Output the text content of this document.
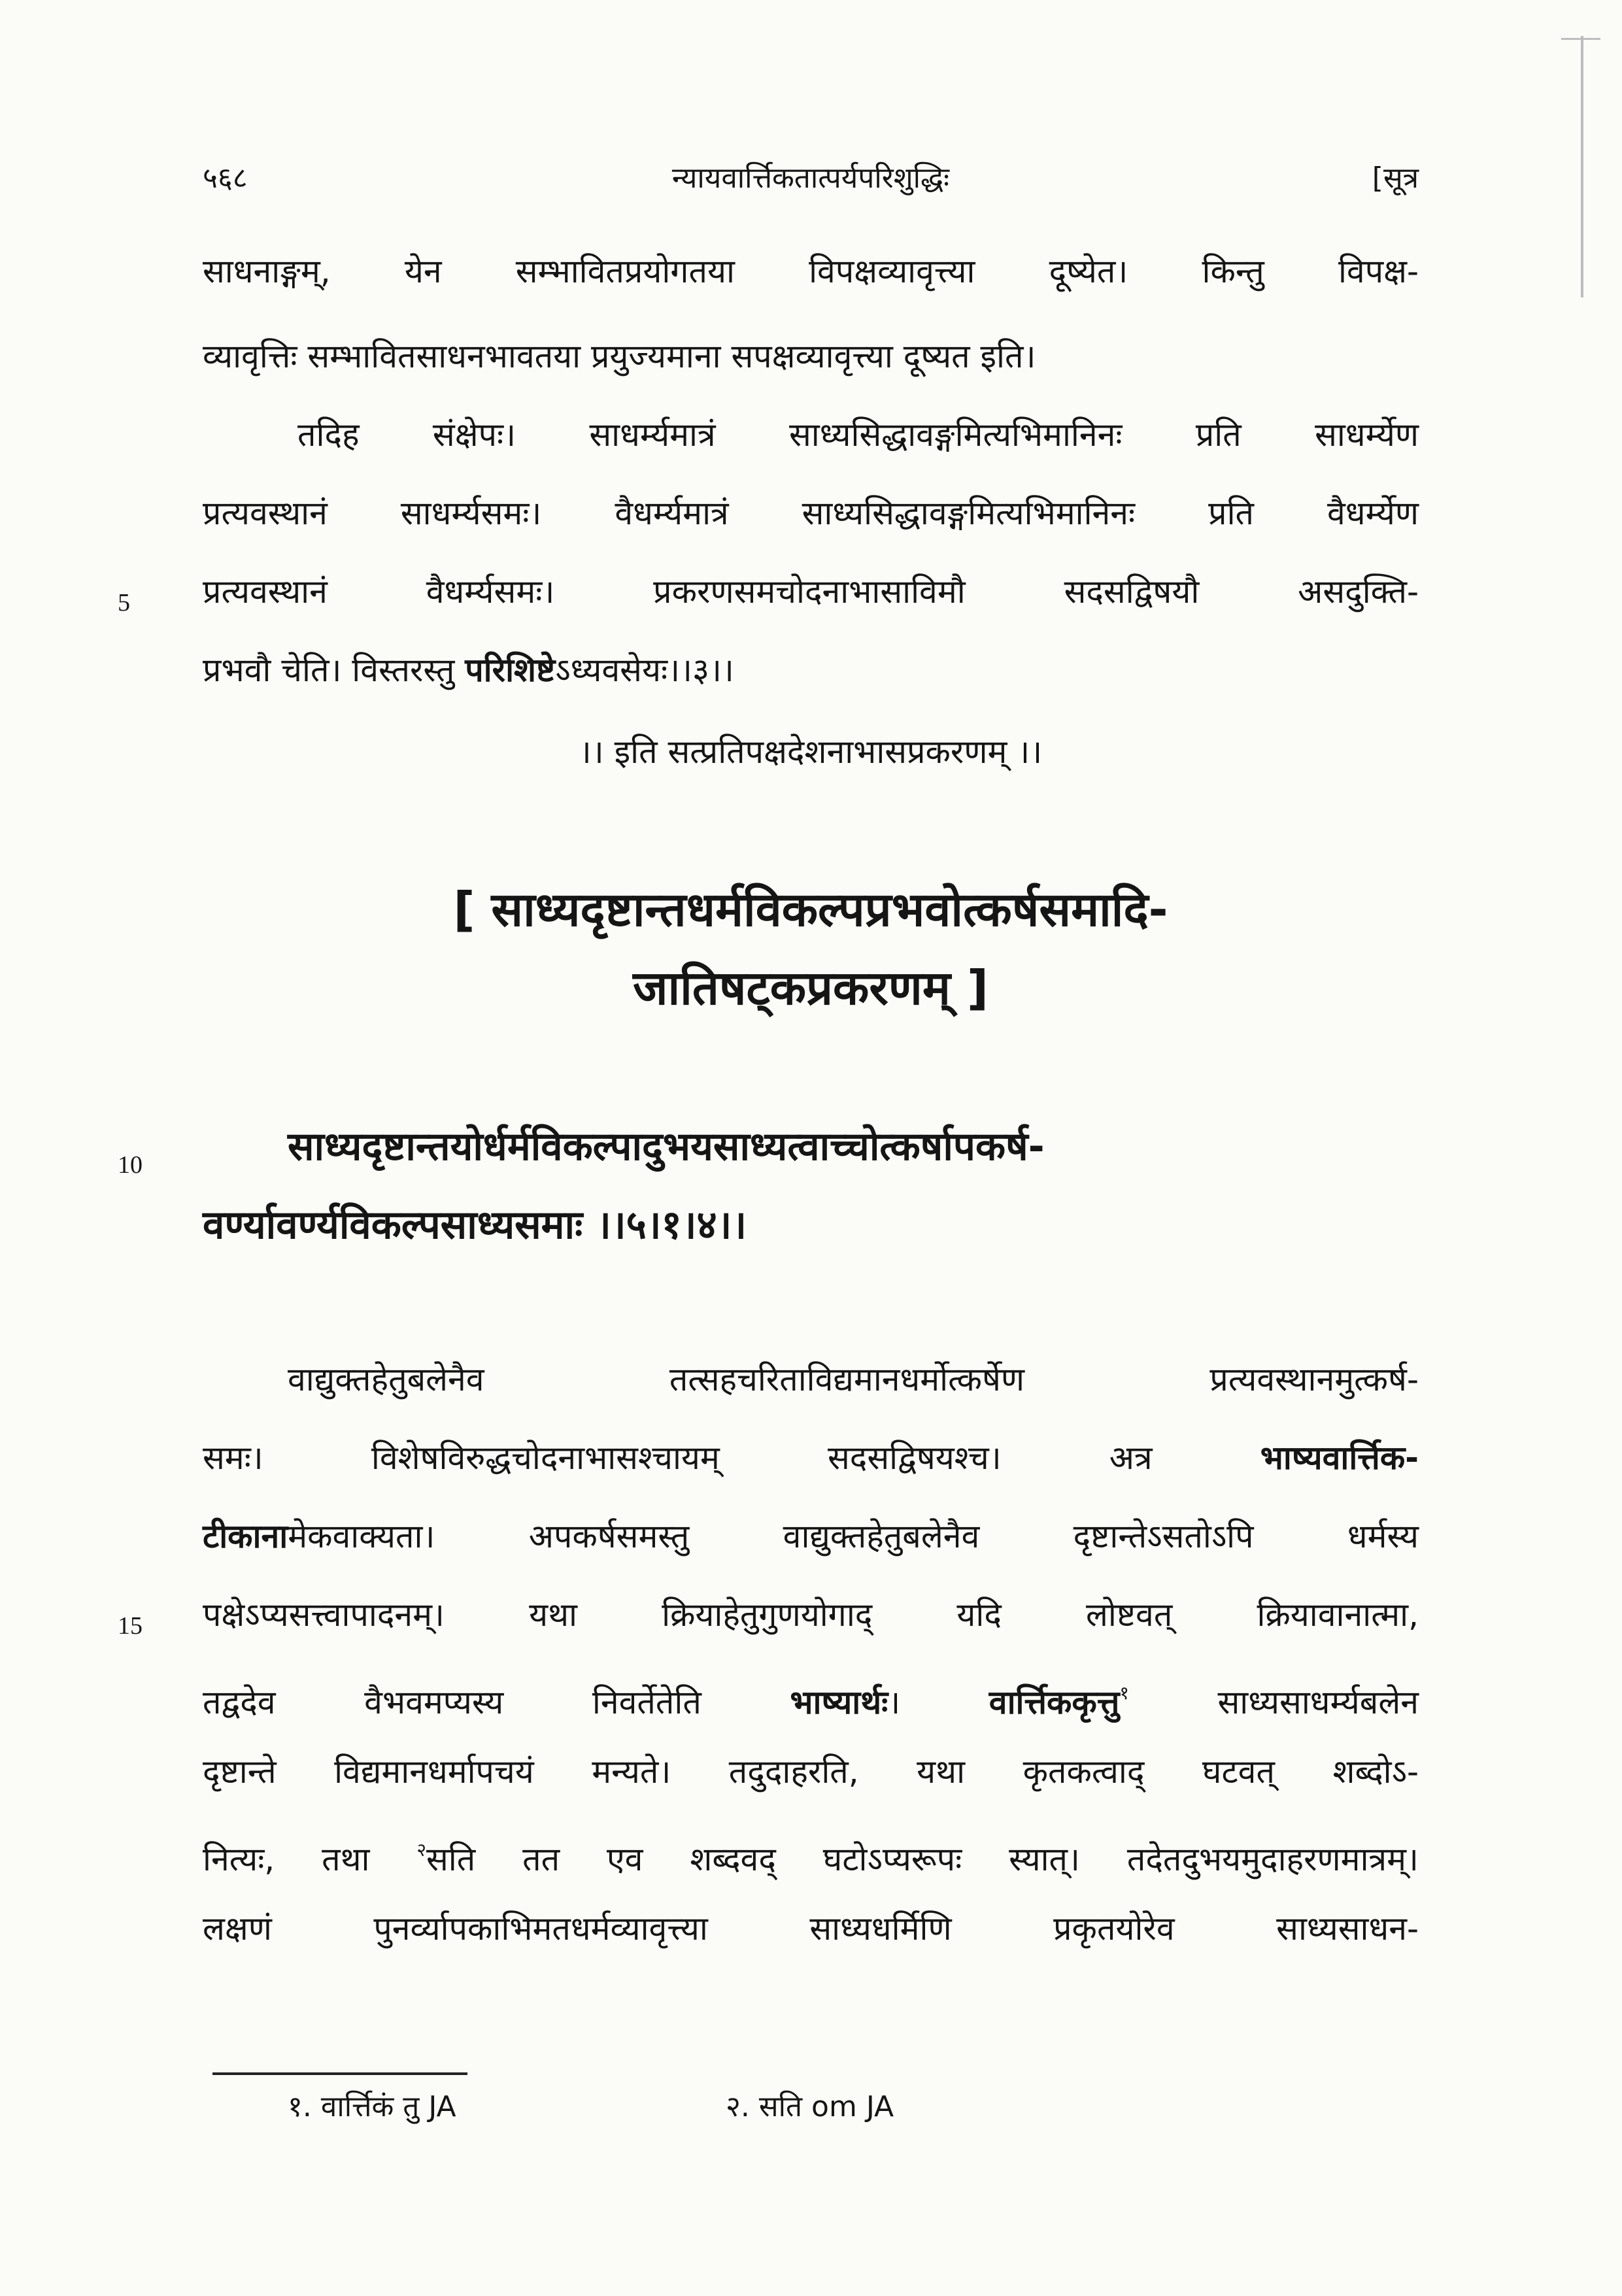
५६८	न्यायवार्त्तिकतात्पर्यपरिशुद्धिः	[सूत्र
साधनाङ्गम्, येन सम्भावितप्रयोगतया विपक्षव्यावृत्त्या दूष्येत। किन्तु विपक्ष-
व्यावृत्तिः सम्भावितसाधनभावतया प्रयुज्यमाना सपक्षव्यावृत्त्या दूष्यत इति।
तदिह संक्षेपः। साधर्म्यमात्रं साध्यसिद्धावङ्गमित्यभिमानिनः प्रति साधर्म्येण
प्रत्यवस्थानं साधर्म्यसमः। वैधर्म्यमात्रं साध्यसिद्धावङ्गमित्यभिमानिनः प्रति वैधर्म्येण
5 प्रत्यवस्थानं वैधर्म्यसमः। प्रकरणसमचोदनाभासाविमौ सदसद्विषयौ असदुक्ति-
प्रभवौ चेति। विस्तरस्तु परिशिष्टेऽध्यवसेयः।।३।।
।। इति सत्प्रतिपक्षदेशनाभासप्रकरणम् ।।
[ साध्यदृष्टान्तधर्मविकल्पप्रभवोत्कर्षसमादि-
जातिषट्कप्रकरणम् ]
10	साध्यदृष्टान्तयोर्धर्मविकल्पादुभयसाध्यत्वाच्चोत्कर्षापकर्ष-
वर्ण्यावर्ण्यविकल्पसाध्यसमाः ।।५।१।४।।
वाद्युक्तहेतुबलेनैव तत्सहचरिताविद्यमानधर्मोत्कर्षेण प्रत्यवस्थानमुत्कर्ष-
समः। विशेषविरुद्धचोदनाभासश्चायम् सदसद्विषयश्च। अत्र भाष्यवार्त्तिक-
टीकानामेकवाक्यता। अपकर्षसमस्तु वाद्युक्तहेतुबलेनैव दृष्टान्तेऽसतोऽपि धर्मस्य
15 पक्षेऽप्यसत्त्वापादनम्। यथा क्रियाहेतुगुणयोगाद् यदि लोष्टवत् क्रियावानात्मा,
तद्वदेव वैभवमप्यस्य निवर्तेतेति भाष्यार्थः। वार्त्तिककृत्तु$^१$ साध्यसाधर्म्यबलेन
दृष्टान्ते विद्यमानधर्मापचयं मन्यते। तदुदाहरति, यथा कृतकत्वाद् घटवत् शब्दोऽ-
नित्यः, तथा $^२$सति तत एव शब्दवद् घटोऽप्यरूपः स्यात्। तदेतदुभयमुदाहरणमात्रम्।
लक्षणं पुनर्व्यापकाभिमतधर्मव्यावृत्त्या साध्यधर्मिणि प्रकृतयोरेव साध्यसाधन-
१. वार्त्तिकं तु JA	२. सति om JA
